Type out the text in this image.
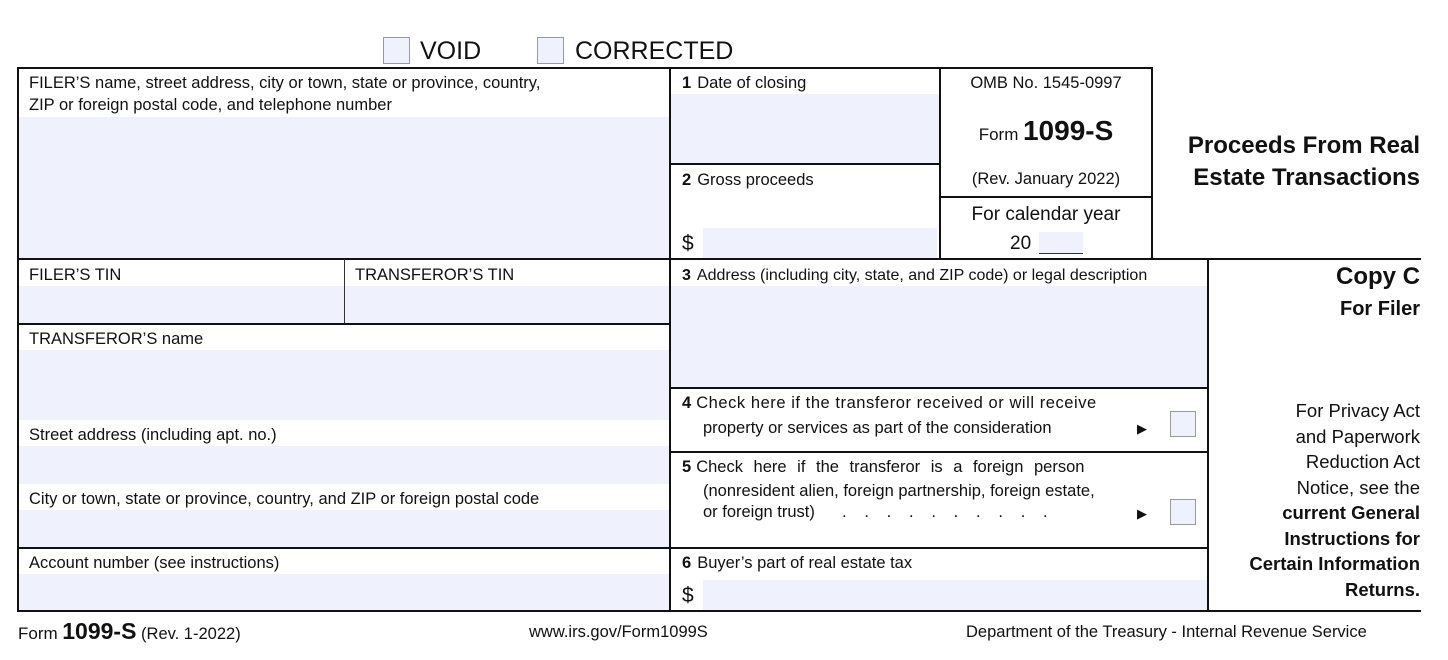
VOID	CORRECTED
FILER’S name, street address, city or town, state or province, country,
ZIP or foreign postal code, and telephone number
1 Date of closing
2 Gross proceeds
$
OMB No. 1545-0997
Form 1099-S
(Rev. January 2022)
For calendar year
20
Proceeds From Real
Estate Transactions
FILER’S TIN	TRANSFEROR’S TIN
TRANSFEROR’S name
Street address (including apt. no.)
City or town, state or province, country, and ZIP or foreign postal code
Account number (see instructions)
3 Address (including city, state, and ZIP code) or legal description
4 Check here if the transferor received or will receive
property or services as part of the consideration	▶
5 Check here if the transferor is a foreign person
(nonresident alien, foreign partnership, foreign estate,
or foreign trust) .   .   .   .   .   .   .   .   .   .	▶
6 Buyer’s part of real estate tax
$
Copy C
For Filer
For Privacy Act
and Paperwork
Reduction Act
Notice, see the
current General
Instructions for
Certain Information
Returns.
Form 1099-S (Rev. 1-2022)	www.irs.gov/Form1099S	Department of the Treasury - Internal Revenue Service
